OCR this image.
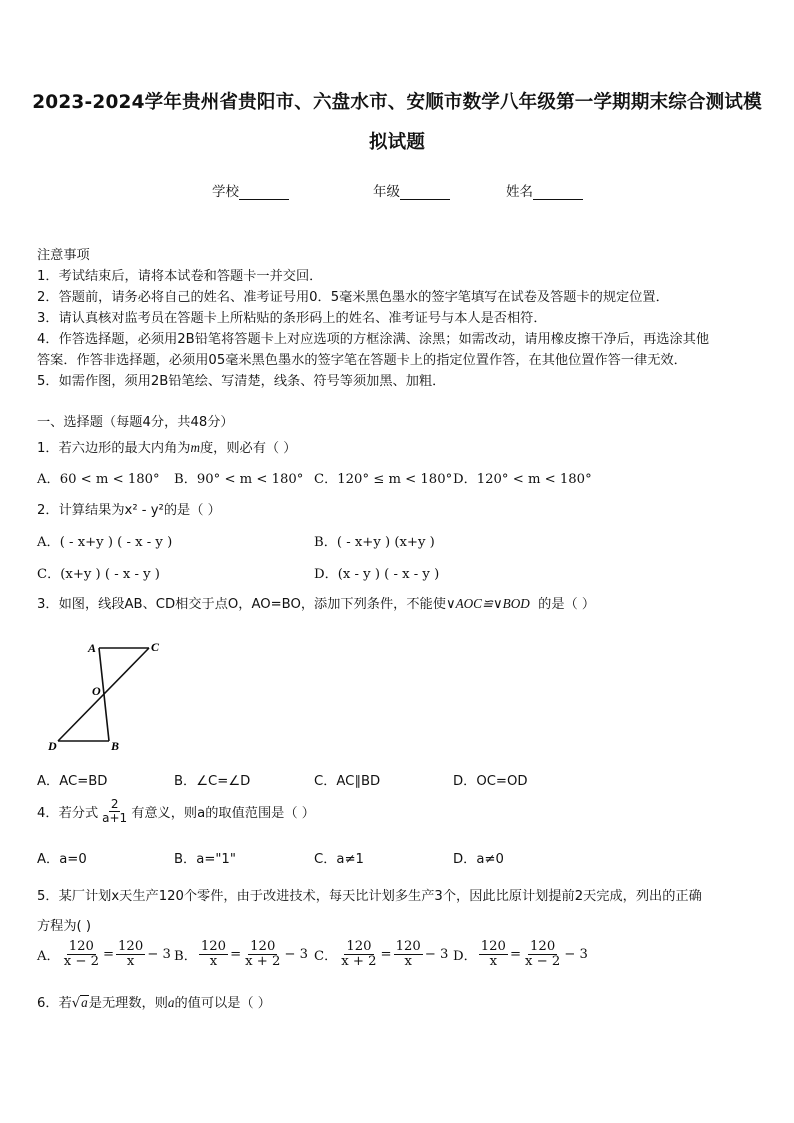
2023-2024学年贵州省贵阳市、六盘水市、安顺市数学八年级第一学期期末综合测试模
拟试题
学校	年级	姓名
注意事项
1．考试结束后，请将本试卷和答题卡一并交回．
2．答题前，请务必将自己的姓名、准考证号用0．5毫米黑色墨水的签字笔填写在试卷及答题卡的规定位置．
3．请认真核对监考员在答题卡上所粘贴的条形码上的姓名、准考证号与本人是否相符．
4．作答选择题，必须用2B铅笔将答题卡上对应选项的方框涂满、涂黑；如需改动，请用橡皮擦干净后，再选涂其他
答案．作答非选择题，必须用05毫米黑色墨水的签字笔在答题卡上的指定位置作答，在其他位置作答一律无效．
5．如需作图，须用2B铅笔绘、写清楚，线条、符号等须加黑、加粗．
一、选择题（每题4分，共48分）
1．若六边形的最大内角为m度，则必有（ ）
A．60 < m < 180° B．90° < m < 180° C．120° ≤ m < 180° D．120° < m < 180°
2．计算结果为x² - y²的是（ ）
A．( - x+y ) ( - x - y )	B．( - x+y ) (x+y )
C．(x+y ) ( - x - y )	D．(x - y ) ( - x - y )
3．如图，线段AB、CD相交于点O，AO=BO，添加下列条件，不能使∨AOC≌∨BOD 的是（ ）
A	C
O
D	B
A．AC=BD	B．∠C=∠D	C．AC∥BD	D．OC=OD
4．若分式 $\frac{2}{a+1}$ 有意义，则a的取值范围是（ ）
A．a=0	B．a="1"	C．a≠1	D．a≠0
5．某厂计划x天生产120个零件，由于改进技术，每天比计划多生产3个，因此比原计划提前2天完成，列出的正确
方程为( )
A． $\frac{120}{x - 2} = \frac{120}{x} - 3$ B． $\frac{120}{x} = \frac{120}{x + 2} - 3$ C． $\frac{120}{x + 2} = \frac{120}{x} - 3$ D． $\frac{120}{x} = \frac{120}{x - 2} - 3$
6．若√a是无理数，则a的值可以是（ ）
